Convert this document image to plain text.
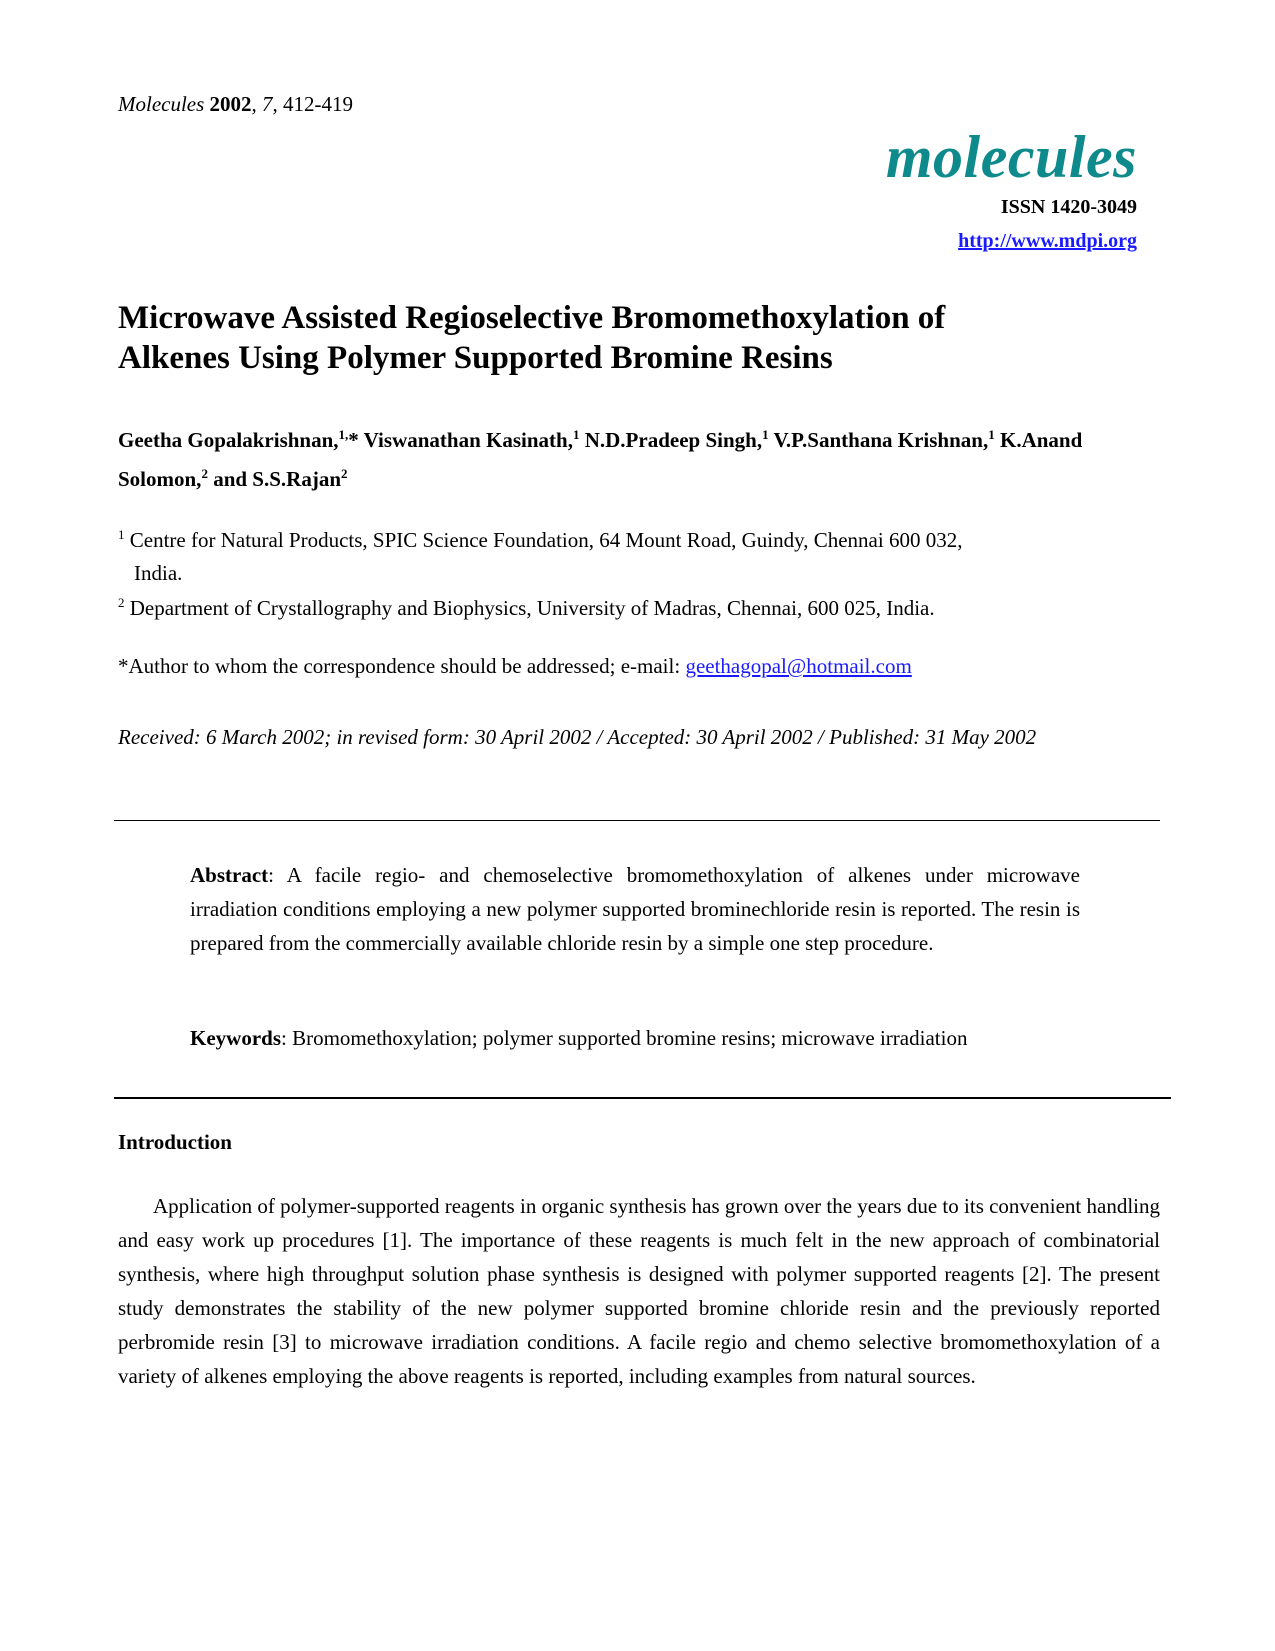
Molecules 2002, 7, 412-419
molecules
ISSN 1420-3049
http://www.mdpi.org
Microwave Assisted Regioselective Bromomethoxylation of
Alkenes Using Polymer Supported Bromine Resins
Geetha Gopalakrishnan,$^{1,}$* Viswanathan Kasinath,$^1$ N.D.Pradeep Singh,$^1$ V.P.Santhana Krishnan,$^1$ K.Anand Solomon,$^2$ and S.S.Rajan$^2$
$^1$ Centre for Natural Products, SPIC Science Foundation, 64 Mount Road, Guindy, Chennai 600 032,
India.
$^2$ Department of Crystallography and Biophysics, University of Madras, Chennai, 600 025, India.
*Author to whom the correspondence should be addressed; e-mail: geethagopal@hotmail.com
Received: 6 March 2002; in revised form: 30 April 2002 / Accepted: 30 April 2002 / Published: 31 May 2002
Abstract: A facile regio- and chemoselective bromomethoxylation of alkenes under microwave irradiation conditions employing a new polymer supported brominechloride resin is reported. The resin is prepared from the commercially available chloride resin by a simple one step procedure.
Keywords: Bromomethoxylation; polymer supported bromine resins; microwave irradiation
Introduction

Application of polymer-supported reagents in organic synthesis has grown over the years due to its convenient handling and easy work up procedures [1]. The importance of these reagents is much felt in the new approach of combinatorial synthesis, where high throughput solution phase synthesis is designed with polymer supported reagents [2]. The present study demonstrates the stability of the new polymer supported bromine chloride resin and the previously reported perbromide resin [3] to microwave irradiation conditions. A facile regio and chemo selective bromomethoxylation of a variety of alkenes employing the above reagents is reported, including examples from natural sources.
